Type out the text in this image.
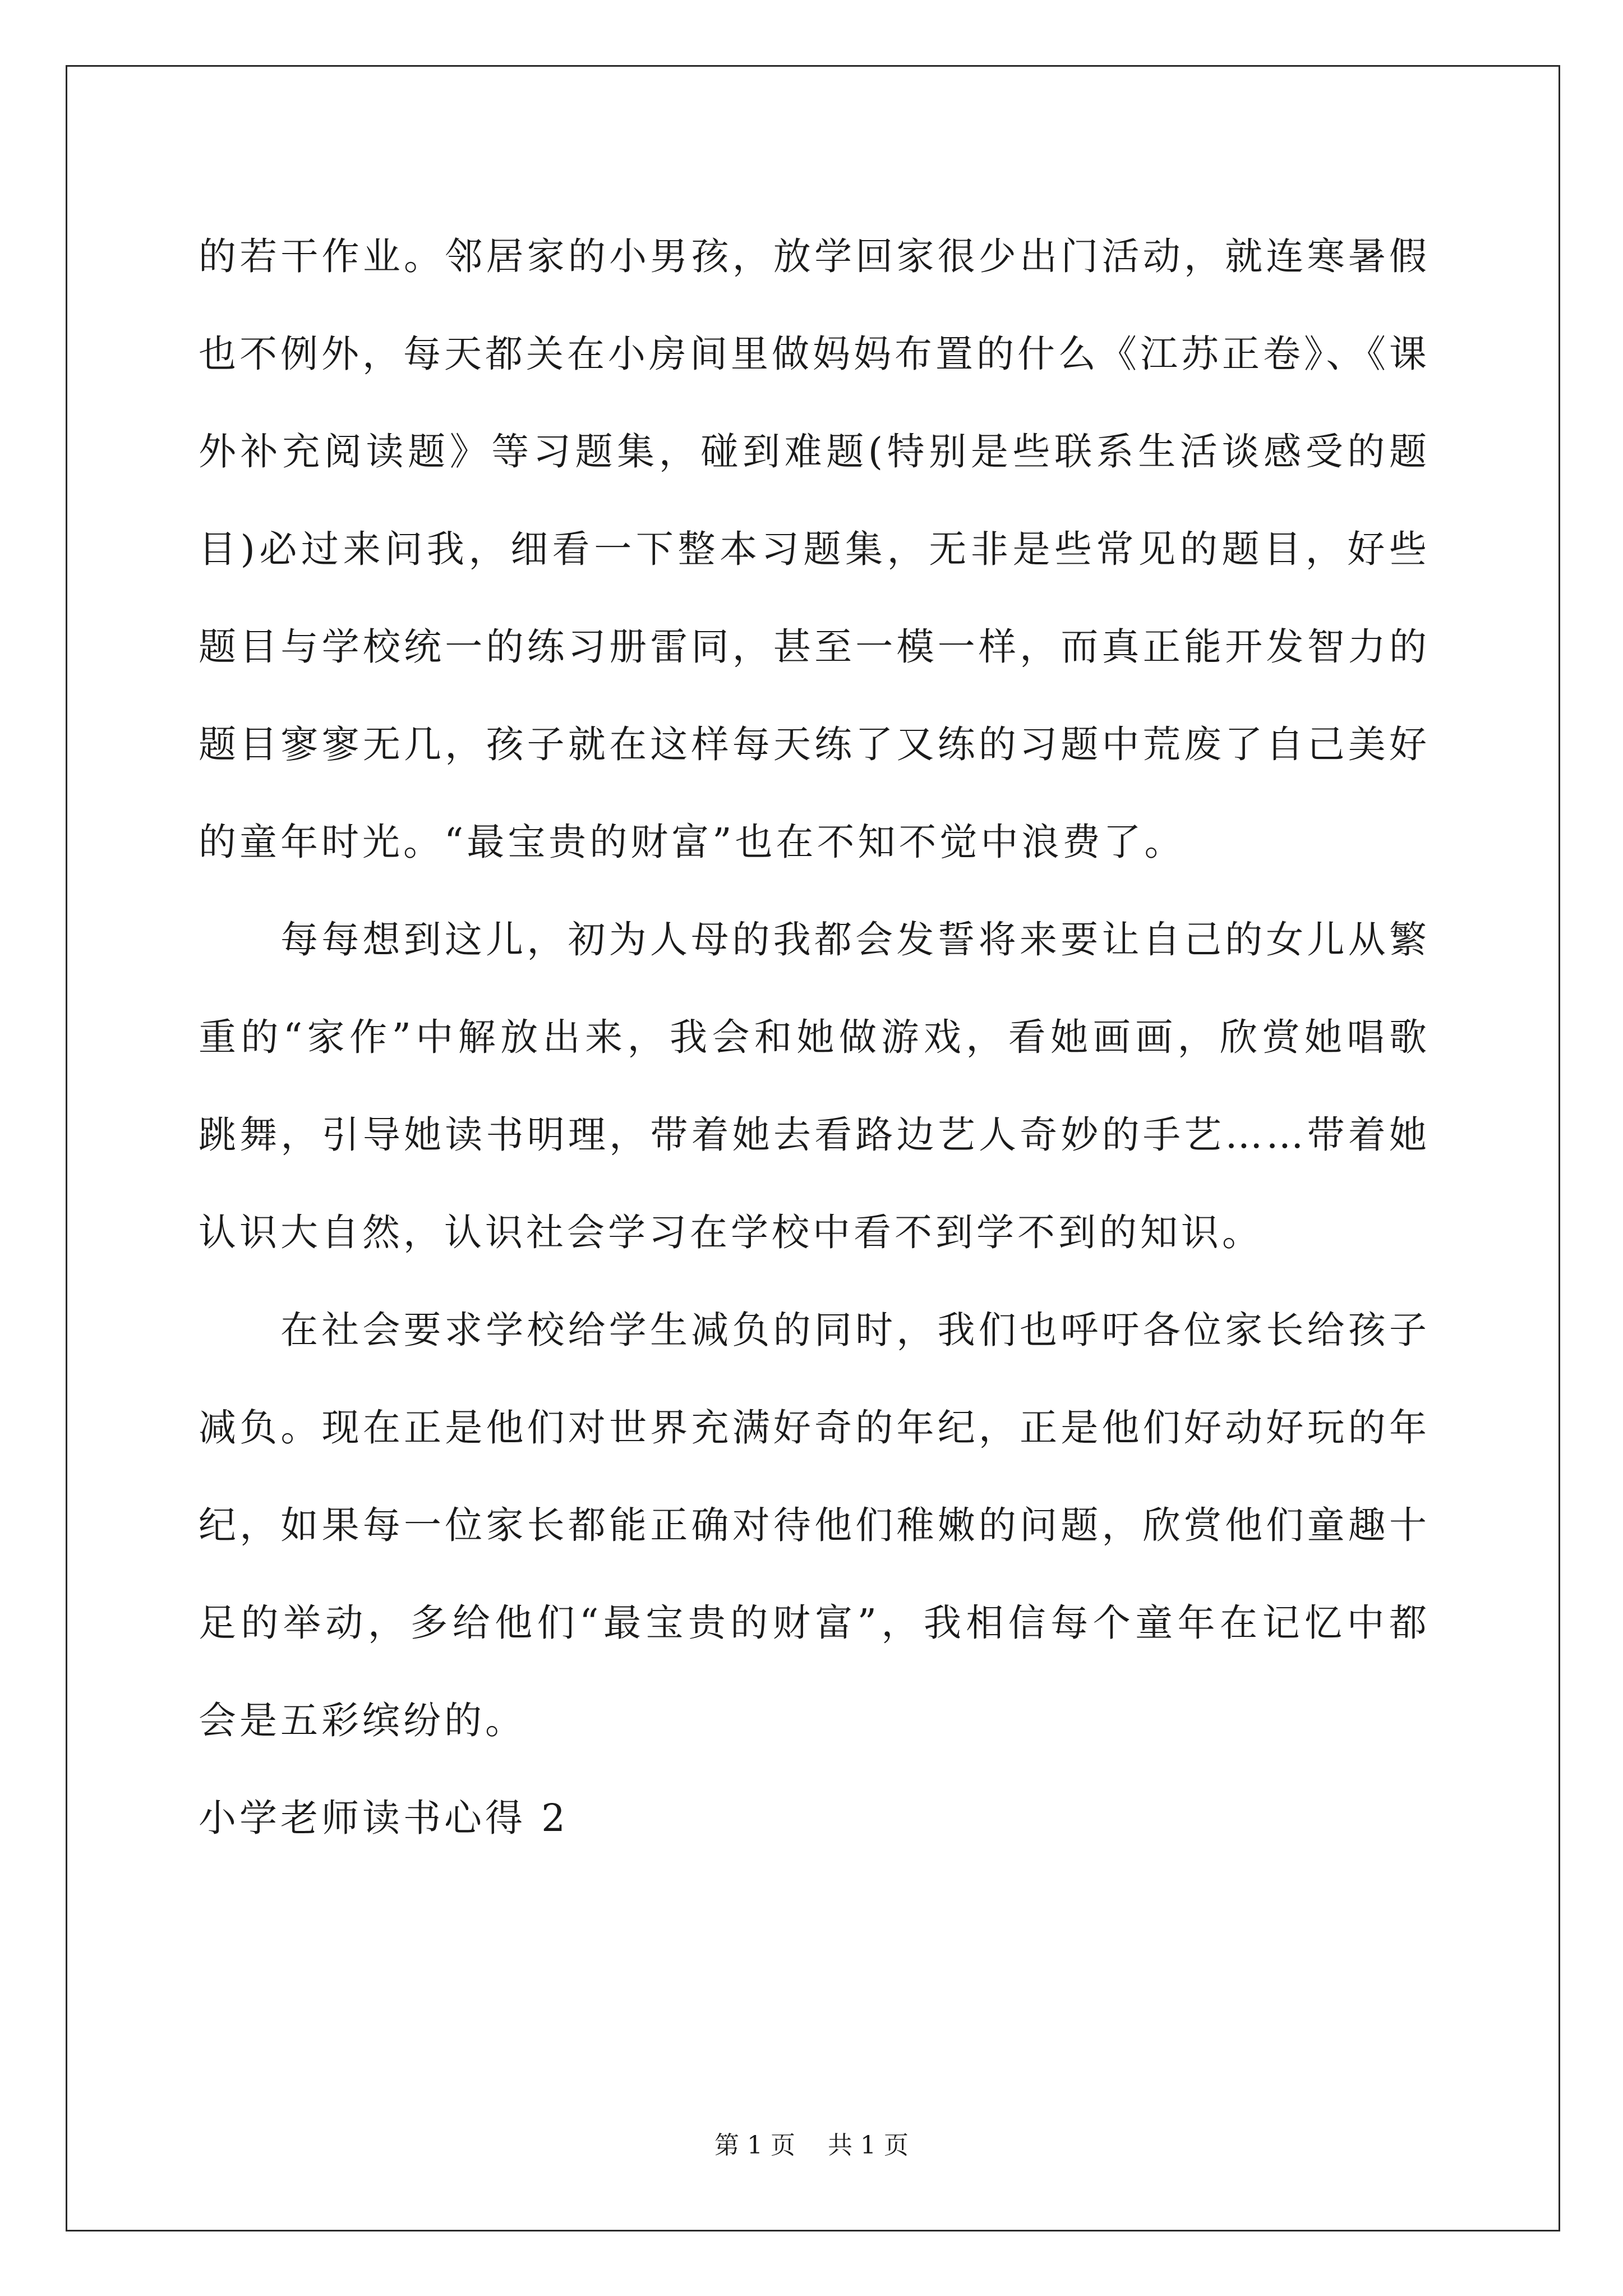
的若干作业。邻居家的小男孩，放学回家很少出门活动，就连寒暑假也不例外，每天都关在小房间里做妈妈布置的什么《江苏正卷》、《课外补充阅读题》等习题集，碰到难题(特别是些联系生活谈感受的题目)必过来问我，细看一下整本习题集，无非是些常见的题目，好些题目与学校统一的练习册雷同，甚至一模一样，而真正能开发智力的题目寥寥无几，孩子就在这样每天练了又练的习题中荒废了自己美好的童年时光。“最宝贵的财富”也在不知不觉中浪费了。

每每想到这儿，初为人母的我都会发誓将来要让自己的女儿从繁重的“家作”中解放出来，我会和她做游戏，看她画画，欣赏她唱歌跳舞，引导她读书明理，带着她去看路边艺人奇妙的手艺……带着她认识大自然，认识社会学习在学校中看不到学不到的知识。

在社会要求学校给学生减负的同时，我们也呼吁各位家长给孩子减负。现在正是他们对世界充满好奇的年纪，正是他们好动好玩的年纪，如果每一位家长都能正确对待他们稚嫩的问题，欣赏他们童趣十足的举动，多给他们“最宝贵的财富”，我相信每个童年在记忆中都会是五彩缤纷的。

小学老师读书心得 2

第 1 页 共 1 页
